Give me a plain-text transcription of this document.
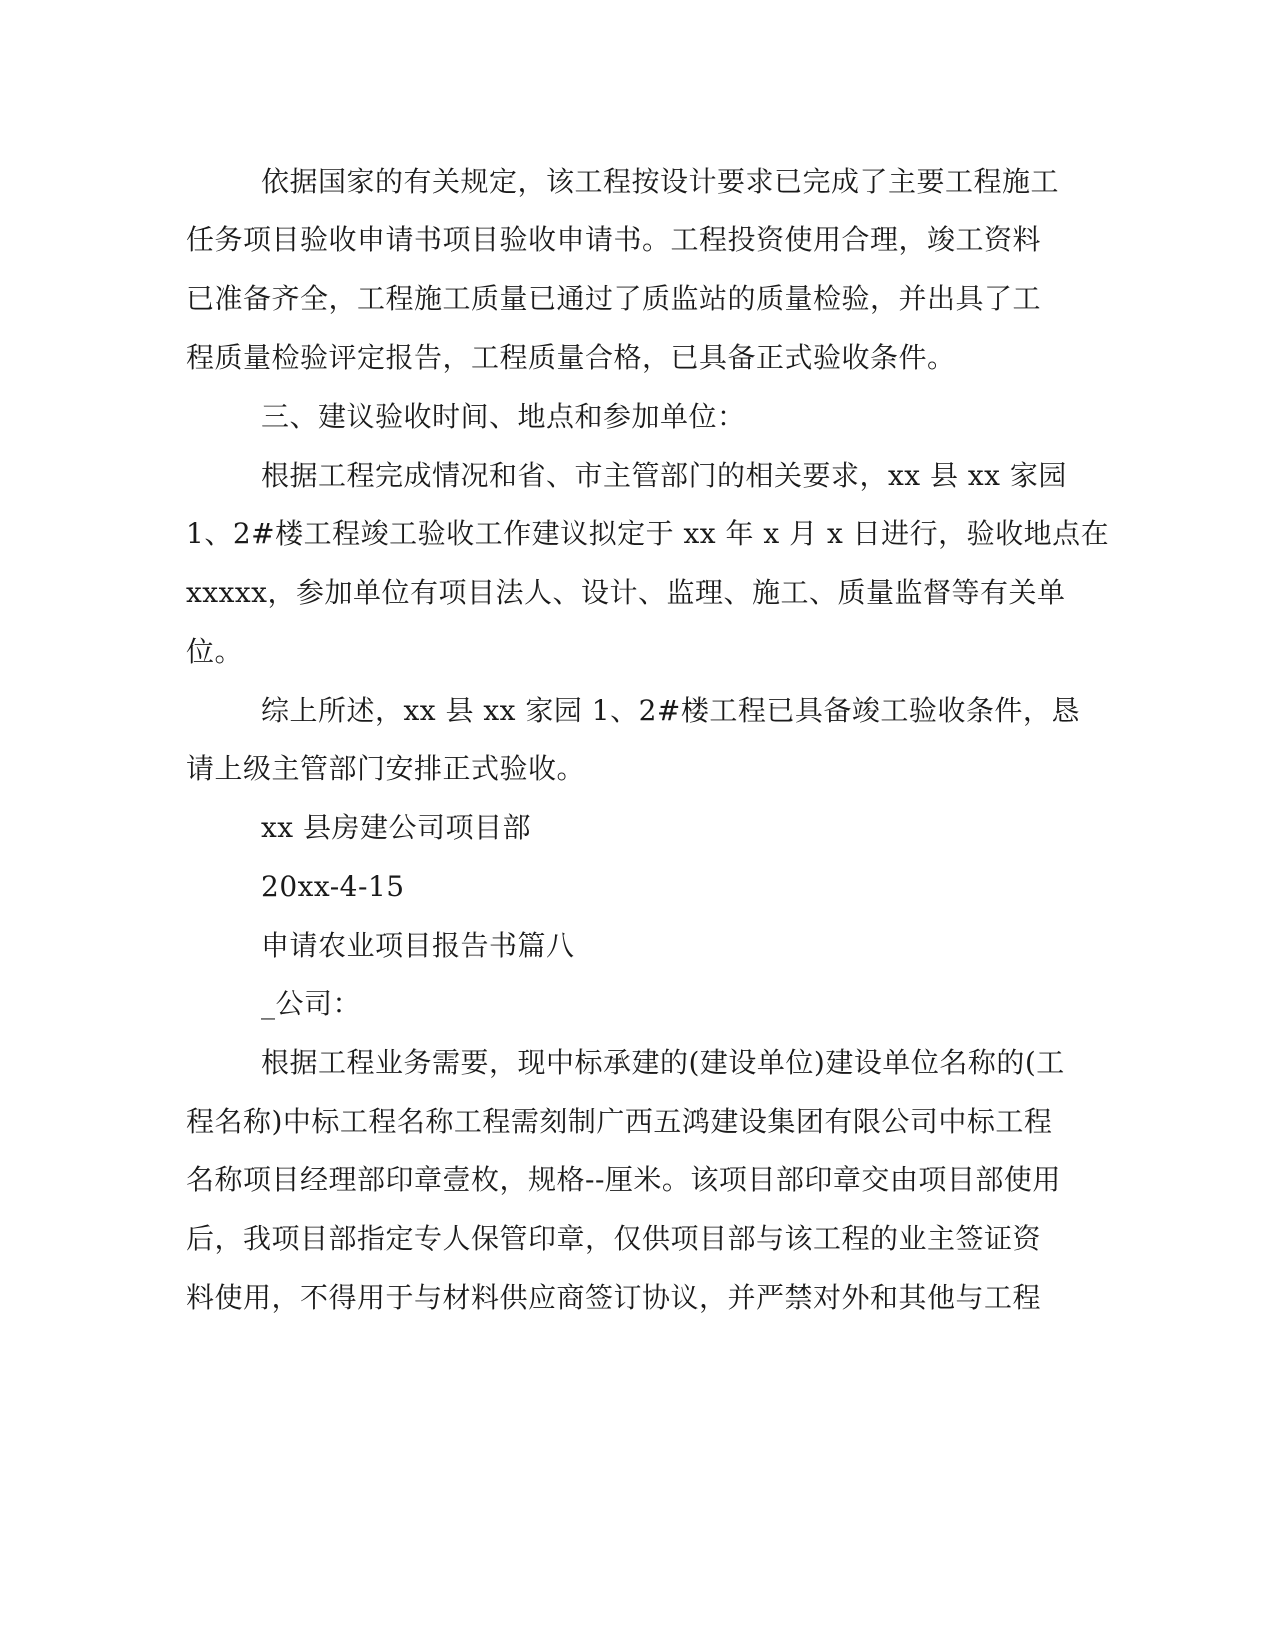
依据国家的有关规定，该工程按设计要求已完成了主要工程施工
任务项目验收申请书项目验收申请书。工程投资使用合理，竣工资料
已准备齐全，工程施工质量已通过了质监站的质量检验，并出具了工
程质量检验评定报告，工程质量合格，已具备正式验收条件。
三、建议验收时间、地点和参加单位：
根据工程完成情况和省、市主管部门的相关要求，xx 县 xx 家园
1、2#楼工程竣工验收工作建议拟定于 xx 年 x 月 x 日进行，验收地点在
xxxxx，参加单位有项目法人、设计、监理、施工、质量监督等有关单
位。
综上所述，xx 县 xx 家园 1、2#楼工程已具备竣工验收条件，恳
请上级主管部门安排正式验收。
xx 县房建公司项目部
20xx-4-15
申请农业项目报告书篇八
_公司：
根据工程业务需要，现中标承建的(建设单位)建设单位名称的(工
程名称)中标工程名称工程需刻制广西五鸿建设集团有限公司中标工程
名称项目经理部印章壹枚，规格--厘米。该项目部印章交由项目部使用
后，我项目部指定专人保管印章，仅供项目部与该工程的业主签证资
料使用，不得用于与材料供应商签订协议，并严禁对外和其他与工程
